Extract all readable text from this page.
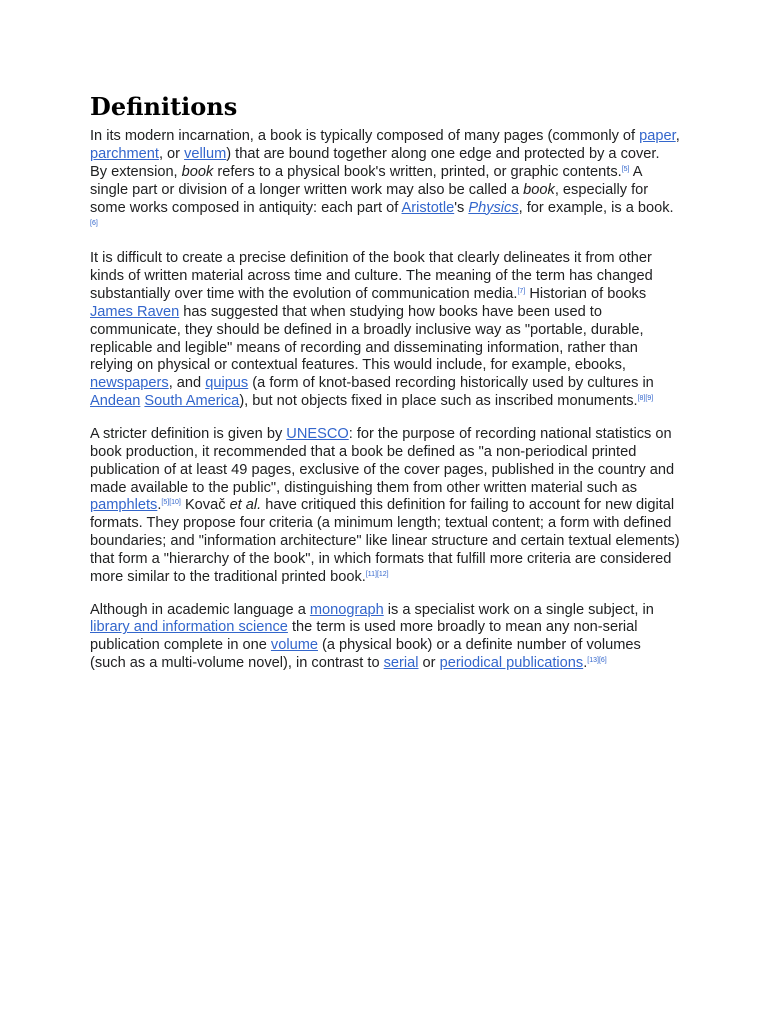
Definitions

In its modern incarnation, a book is typically composed of many pages (commonly of paper, parchment, or vellum) that are bound together along one edge and protected by a cover. By extension, book refers to a physical book's written, printed, or graphic contents.[5] A single part or division of a longer written work may also be called a book, especially for some works composed in antiquity: each part of Aristotle's Physics, for example, is a book.[6]

It is difficult to create a precise definition of the book that clearly delineates it from other kinds of written material across time and culture. The meaning of the term has changed substantially over time with the evolution of communication media.[7] Historian of books James Raven has suggested that when studying how books have been used to communicate, they should be defined in a broadly inclusive way as "portable, durable, replicable and legible" means of recording and disseminating information, rather than relying on physical or contextual features. This would include, for example, ebooks, newspapers, and quipus (a form of knot-based recording historically used by cultures in Andean South America), but not objects fixed in place such as inscribed monuments.[8][9]

A stricter definition is given by UNESCO: for the purpose of recording national statistics on book production, it recommended that a book be defined as "a non-periodical printed publication of at least 49 pages, exclusive of the cover pages, published in the country and made available to the public", distinguishing them from other written material such as pamphlets.[5][10] Kovač et al. have critiqued this definition for failing to account for new digital formats. They propose four criteria (a minimum length; textual content; a form with defined boundaries; and "information architecture" like linear structure and certain textual elements) that form a "hierarchy of the book", in which formats that fulfill more criteria are considered more similar to the traditional printed book.[11][12]

Although in academic language a monograph is a specialist work on a single subject, in library and information science the term is used more broadly to mean any non-serial publication complete in one volume (a physical book) or a definite number of volumes (such as a multi-volume novel), in contrast to serial or periodical publications.[13][6]
